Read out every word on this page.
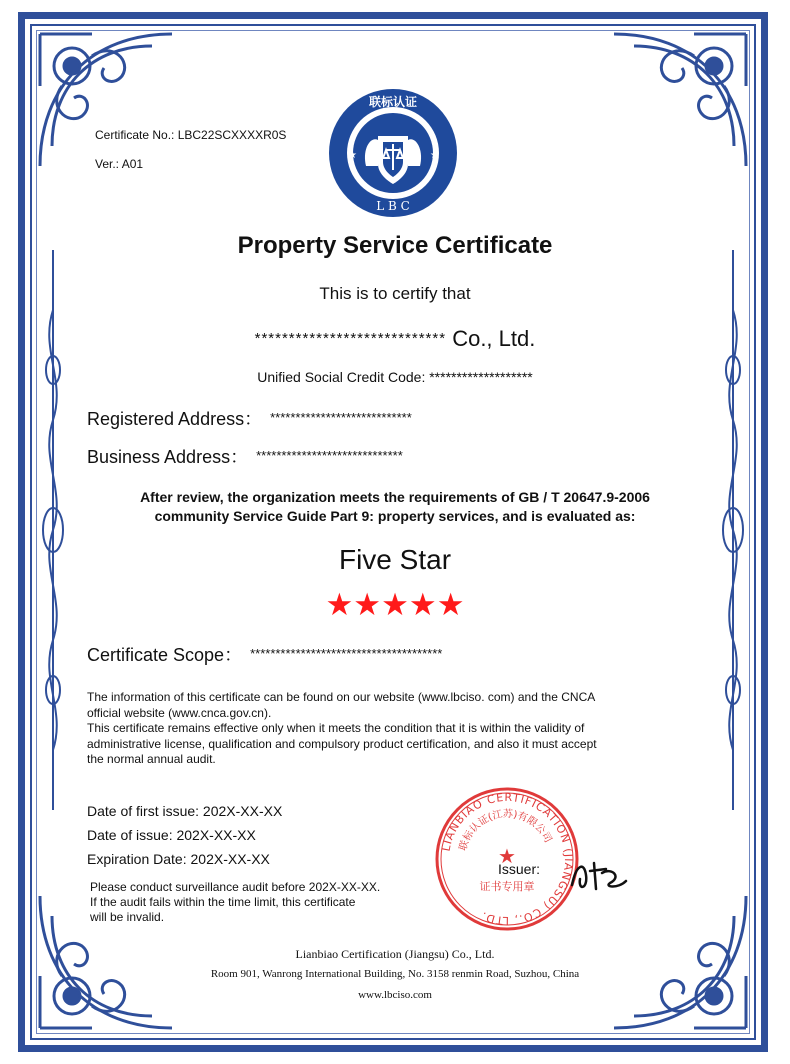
Certificate No.: LBC22SCXXXXR0S
Ver.: A01
★	★
联标认证
L B C
Property Service Certificate
This is to certify that
**************************** Co., Ltd.
Unified Social Credit Code: *******************
Registered Address： ****************************
Business Address： *****************************
After review, the organization meets the requirements of GB / T 20647.9-2006
community Service Guide Part 9: property services, and is evaluated as:
Five Star
★★★★★
Certificate Scope： **************************************
The information of this certificate can be found on our website (www.lbciso. com) and the CNCA
official website (www.cnca.gov.cn).
This certificate remains effective only when it meets the condition that it is within the validity of
administrative license, qualification and compulsory product certification, and also it must accept
the normal annual audit.
Date of first issue: 202X-XX-XX
Date of issue: 202X-XX-XX
Expiration Date: 202X-XX-XX
Please conduct surveillance audit before 202X-XX-XX.
If the audit fails within the time limit, this certificate
will be invalid.
LIANBIAO CERTIFICATION (JIANGSU) CO., LTD.
联标认证(江苏)有限公司
★
证书专用章
Issuer:
Lianbiao Certification (Jiangsu) Co., Ltd.
Room 901, Wanrong International Building, No. 3158 renmin Road, Suzhou, China
www.lbciso.com
